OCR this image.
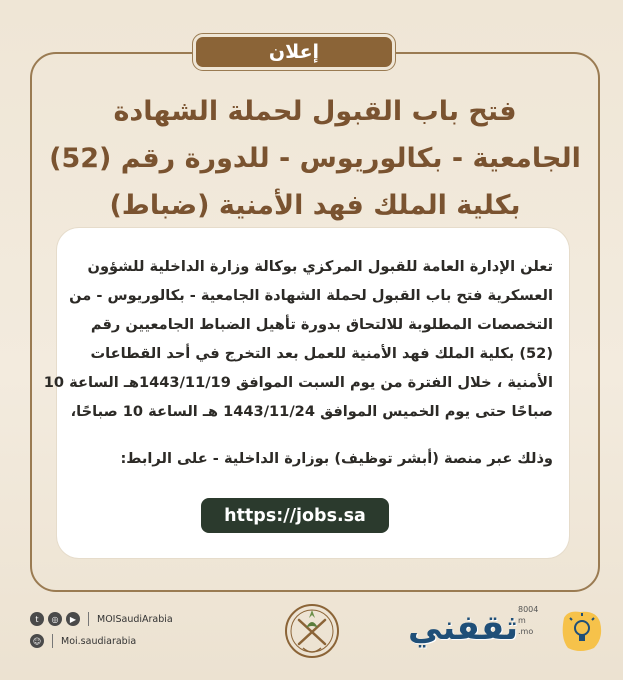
إعلان
فتح باب القبول لحملة الشهادة
الجامعية - بكالوريوس - للدورة رقم (52)
بكلية الملك فهد الأمنية (ضباط)
تعلن الإدارة العامة للقبول المركزي بوكالة وزارة الداخلية للشؤون
العسكرية فتح باب القبول لحملة الشهادة الجامعية - بكالوريوس - من
التخصصات المطلوبة للالتحاق بدورة تأهيل الضباط الجامعيين رقم
(52) بكلية الملك فهد الأمنية للعمل بعد التخرج في أحد القطاعات
الأمنية ، خلال الفترة من يوم السبت الموافق 1443/11/19هـ الساعة 10
صباحًا حتى يوم الخميس الموافق 1443/11/24 هـ الساعة 10 صباحًا،
وذلك عبر منصة (أبشر توظيف) بوزارة الداخلية - على الرابط:
https://jobs.sa
t	◎	▶	MOISaudiArabia
☺ Moi.saudiarabia
8004
m
.mo
ثقفني
